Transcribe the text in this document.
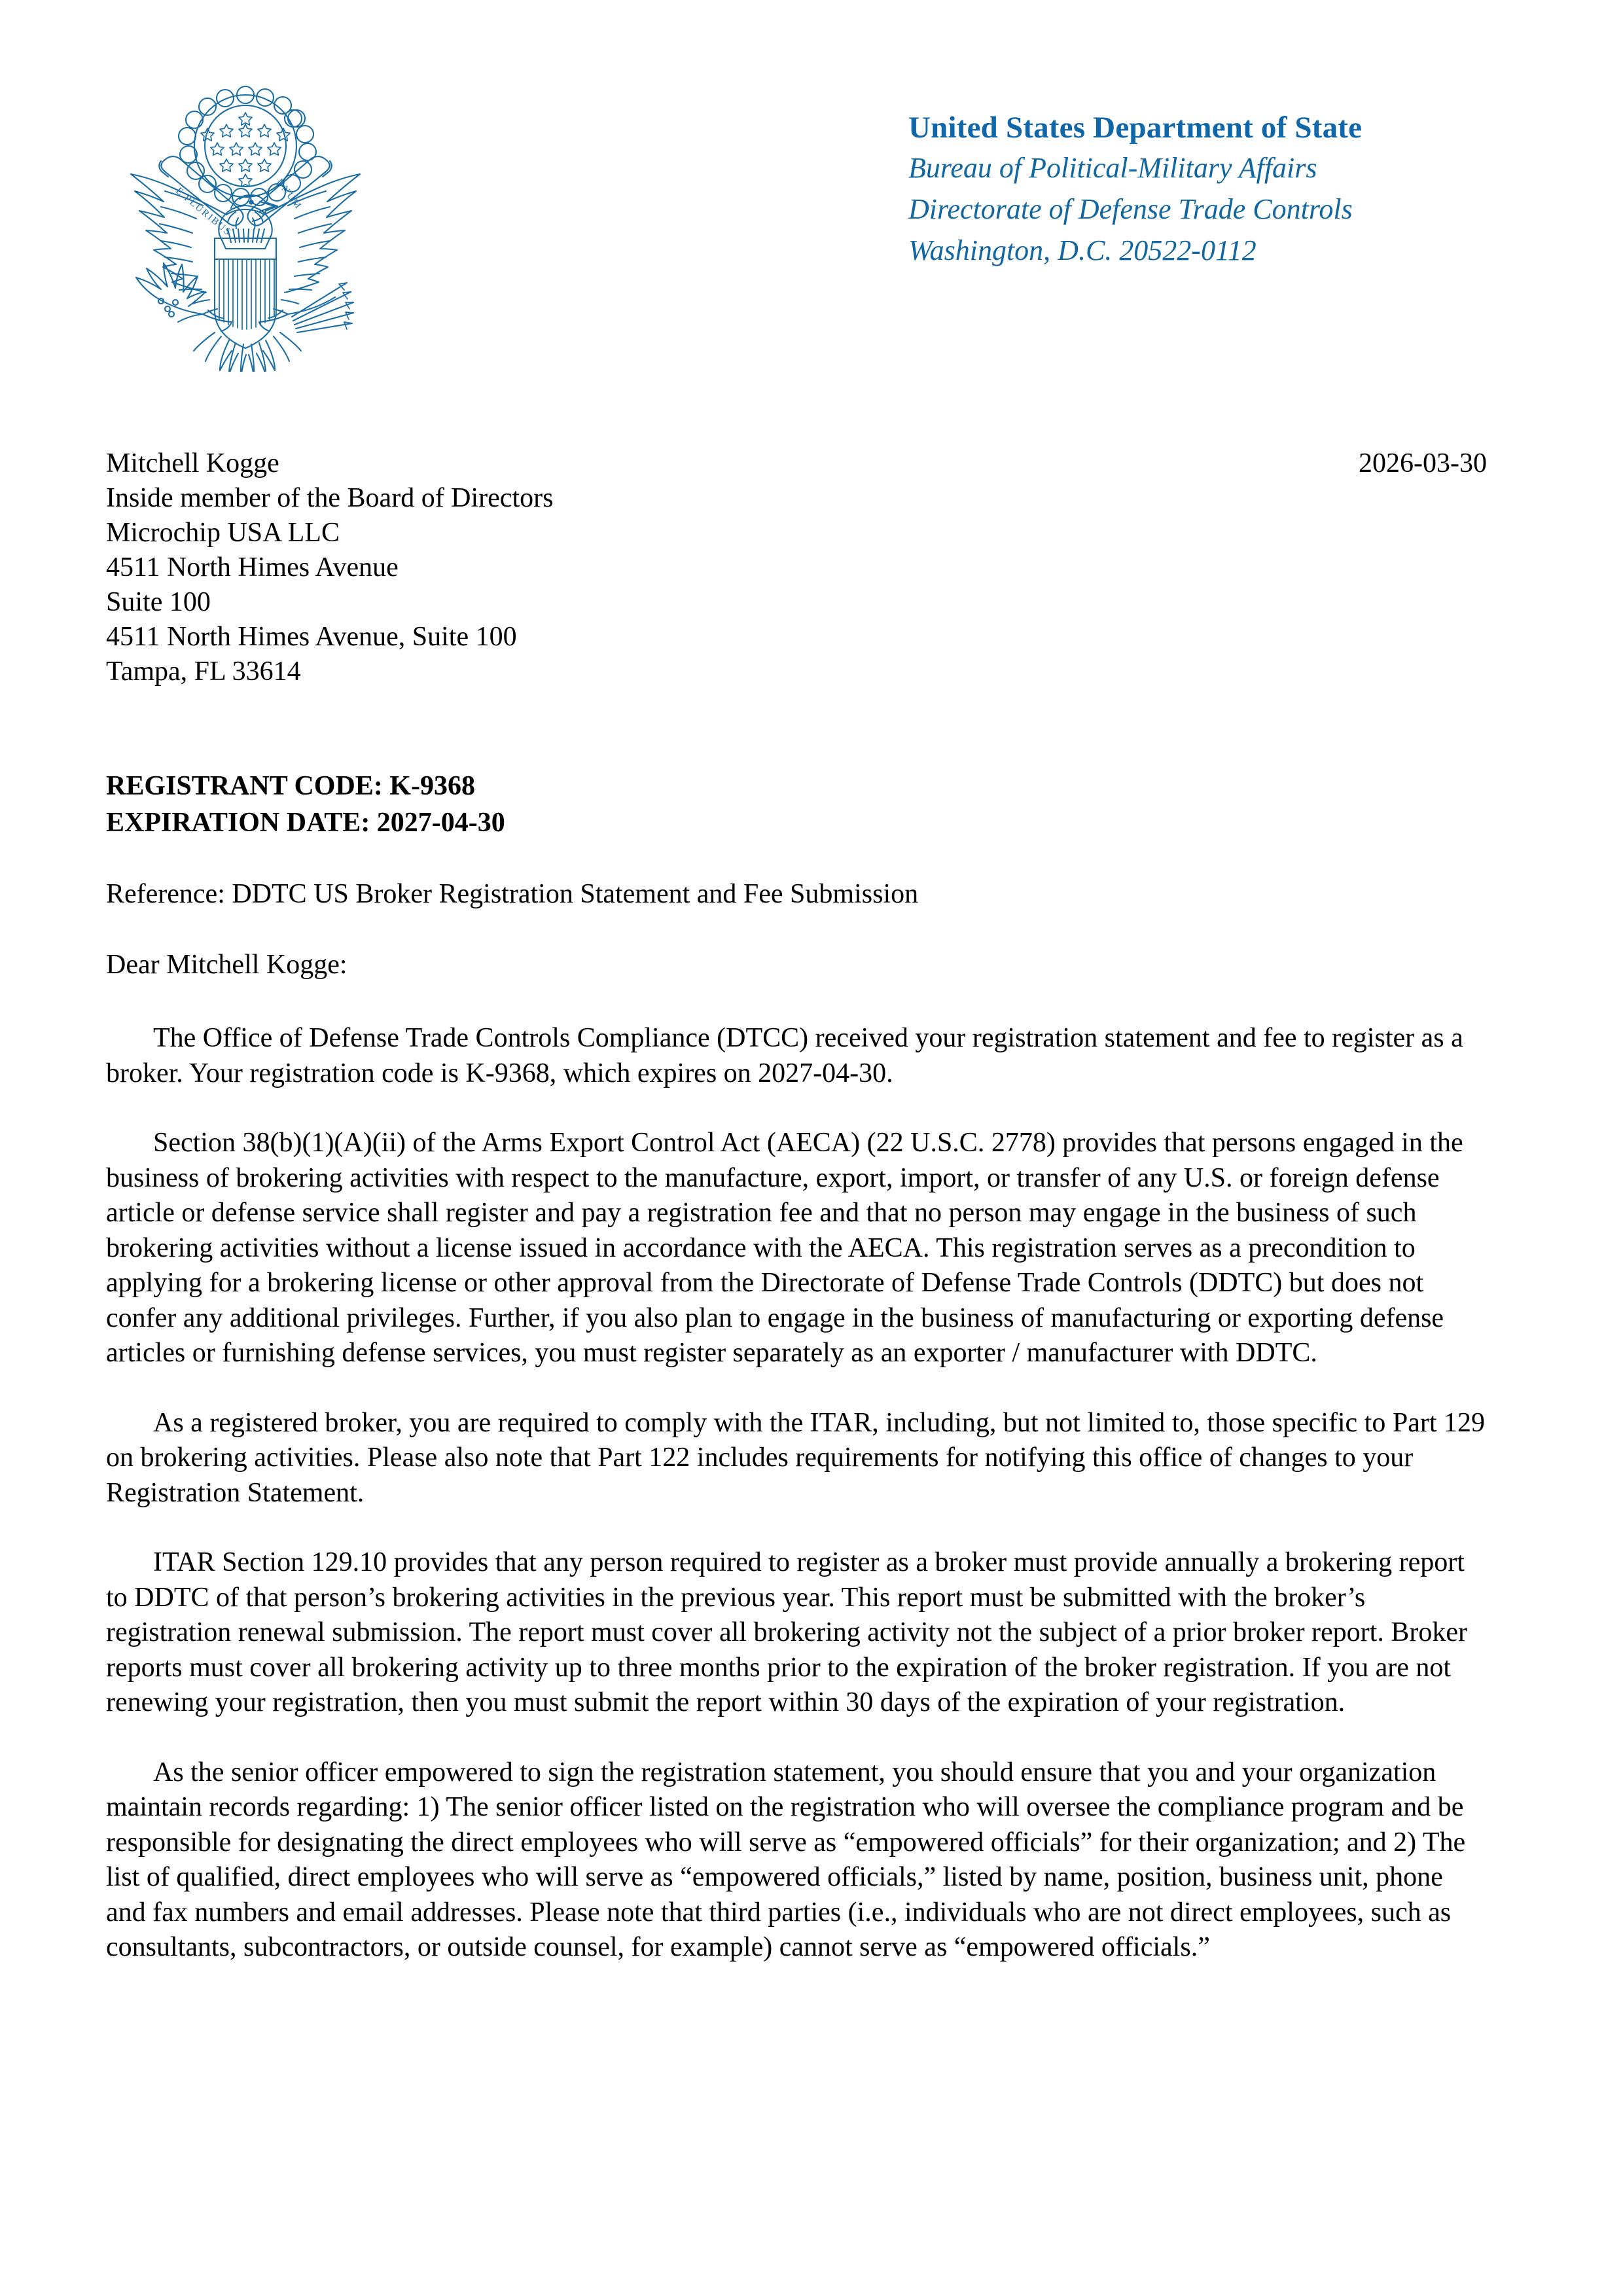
E PLURIBUS	UNUM
United States Department of State
Bureau of Political-Military Affairs
Directorate of Defense Trade Controls
Washington, D.C. 20522-0112
Mitchell Kogge
Inside member of the Board of Directors
Microchip USA LLC
4511 North Himes Avenue
Suite 100
4511 North Himes Avenue, Suite 100
Tampa, FL 33614
2026-03-30
REGISTRANT CODE: K-9368
EXPIRATION DATE: 2027-04-30
Reference: DDTC US Broker Registration Statement and Fee Submission
Dear Mitchell Kogge:

The Office of Defense Trade Controls Compliance (DTCC) received your registration statement and fee to register as a broker. Your registration code is K-9368, which expires on 2027-04-30.

Section 38(b)(1)(A)(ii) of the Arms Export Control Act (AECA) (22 U.S.C. 2778) provides that persons engaged in the business of brokering activities with respect to the manufacture, export, import, or transfer of any U.S. or foreign defense article or defense service shall register and pay a registration fee and that no person may engage in the business of such brokering activities without a license issued in accordance with the AECA. This registration serves as a precondition to applying for a brokering license or other approval from the Directorate of Defense Trade Controls (DDTC) but does not confer any additional privileges. Further, if you also plan to engage in the business of manufacturing or exporting defense articles or furnishing defense services, you must register separately as an exporter / manufacturer with DDTC.

As a registered broker, you are required to comply with the ITAR, including, but not limited to, those specific to Part 129 on brokering activities. Please also note that Part 122 includes requirements for notifying this office of changes to your Registration Statement.

ITAR Section 129.10 provides that any person required to register as a broker must provide annually a brokering report to DDTC of that person’s brokering activities in the previous year. This report must be submitted with the broker’s registration renewal submission. The report must cover all brokering activity not the subject of a prior broker report. Broker reports must cover all brokering activity up to three months prior to the expiration of the broker registration. If you are not renewing your registration, then you must submit the report within 30 days of the expiration of your registration.

As the senior officer empowered to sign the registration statement, you should ensure that you and your organization maintain records regarding: 1) The senior officer listed on the registration who will oversee the compliance program and be responsible for designating the direct employees who will serve as “empowered officials” for their organization; and 2) The list of qualified, direct employees who will serve as “empowered officials,” listed by name, position, business unit, phone and fax numbers and email addresses. Please note that third parties (i.e., individuals who are not direct employees, such as consultants, subcontractors, or outside counsel, for example) cannot serve as “empowered officials.”
